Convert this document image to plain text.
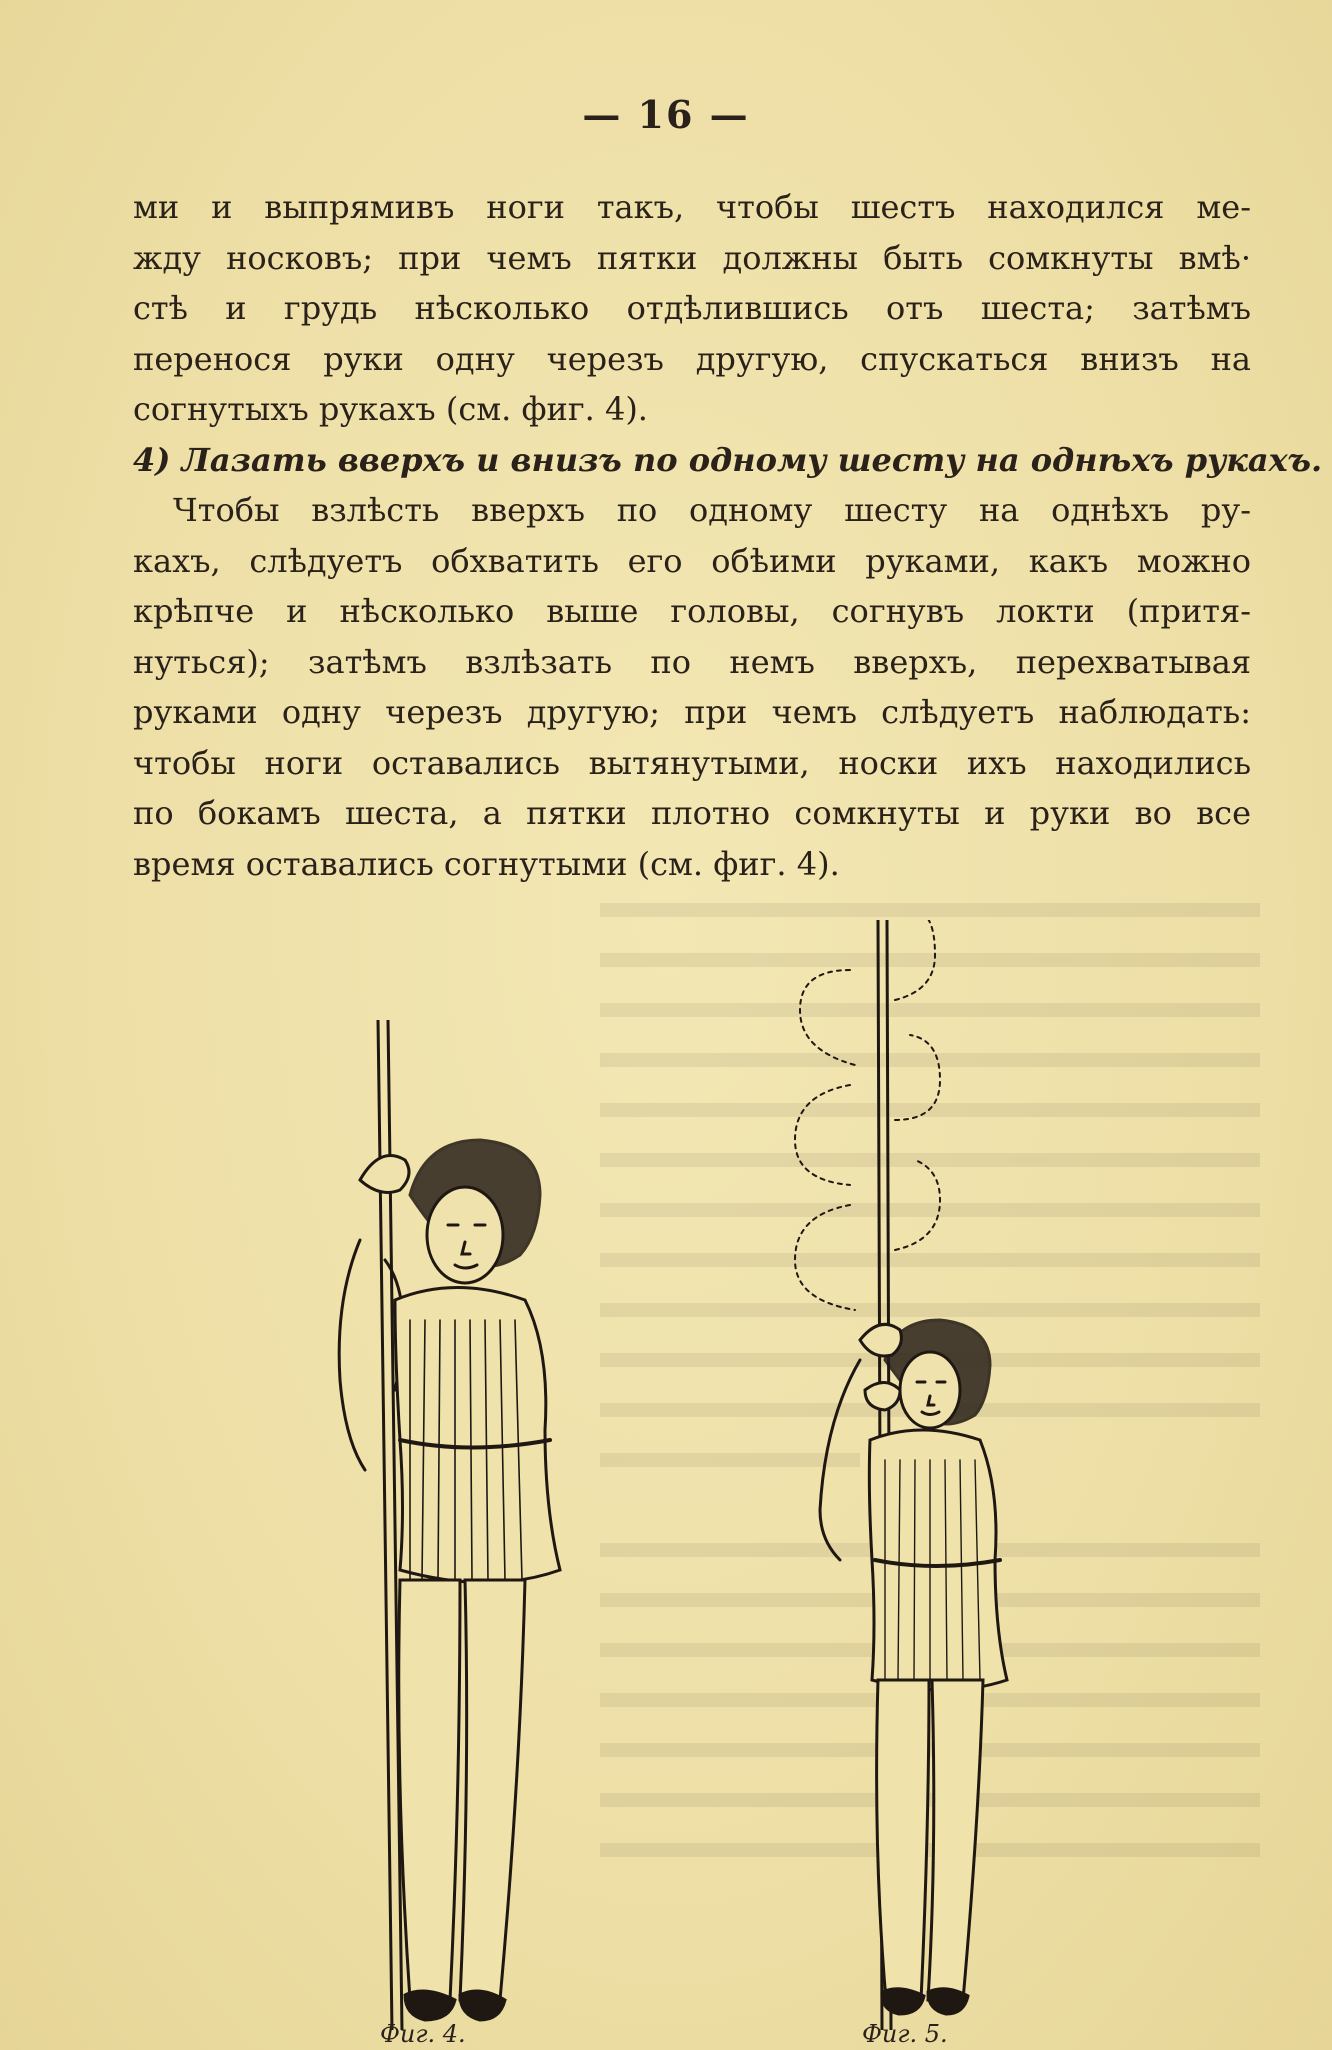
— 16 —
ми и выпрямивъ ноги такъ, чтобы шестъ находился ме-
жду носковъ; при чемъ пятки должны быть сомкнуты вмѣ·
стѣ и грудь нѣсколько отдѣлившись отъ шеста; затѣмъ
перенося руки одну черезъ другую, спускаться внизъ на
согнутыхъ рукахъ (см. фиг. 4).
4) Лазать вверхъ и внизъ по одному шесту на однѣхъ рукахъ.
Чтобы взлѣсть вверхъ по одному шесту на однѣхъ ру-
кахъ, слѣдуетъ обхватить его обѣими руками, какъ можно
крѣпче и нѣсколько выше головы, согнувъ локти (притя-
нуться); затѣмъ взлѣзать по немъ вверхъ, перехватывая
руками одну черезъ другую; при чемъ слѣдуетъ наблюдать:
чтобы ноги оставались вытянутыми, носки ихъ находились
по бокамъ шеста, а пятки плотно сомкнуты и руки во все
время оставались согнутыми (см. фиг. 4).
Фиг. 4.	Фиг. 5.
